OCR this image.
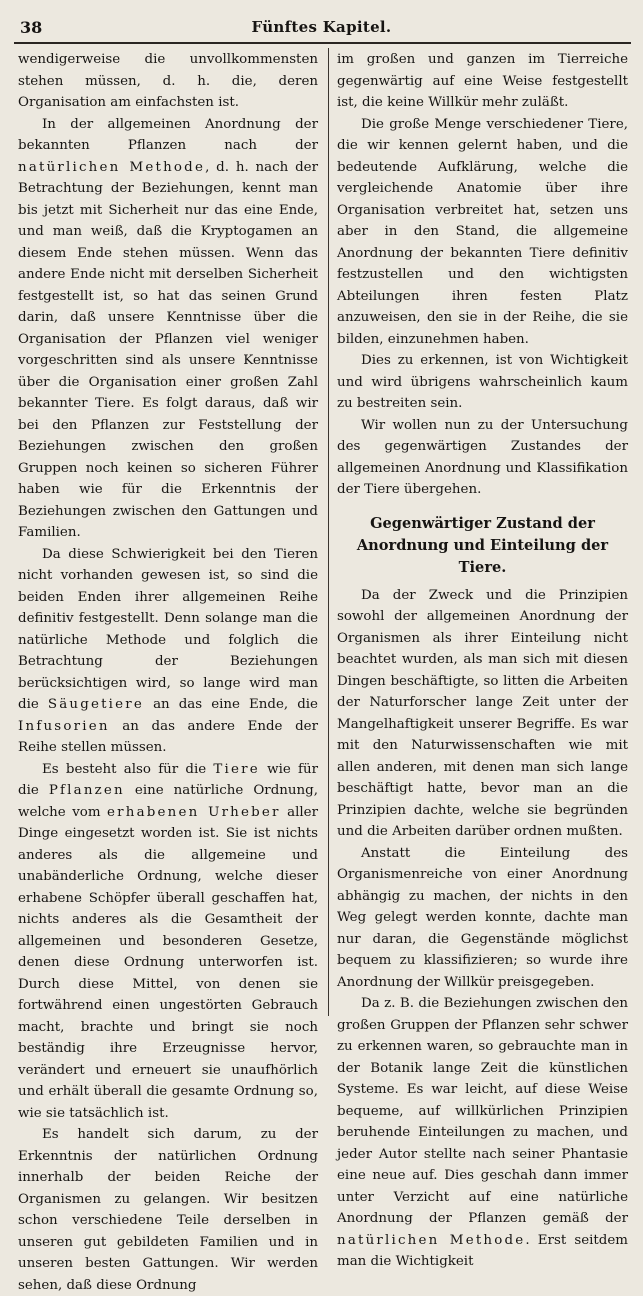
38	Fünftes Kapitel.

wendigerweise die unvollkommensten stehen müssen, d. h. die, deren Organisation am einfachsten ist.

In der allgemeinen Anordnung der bekannten Pflanzen nach der natürlichen Methode, d. h. nach der Betrachtung der Beziehungen, kennt man bis jetzt mit Sicherheit nur das eine Ende, und man weiß, daß die Kryptogamen an diesem Ende stehen müssen. Wenn das andere Ende nicht mit derselben Sicherheit festgestellt ist, so hat das seinen Grund darin, daß unsere Kenntnisse über die Organisation der Pflanzen viel weniger vorgeschritten sind als unsere Kenntnisse über die Organisation einer großen Zahl bekannter Tiere. Es folgt daraus, daß wir bei den Pflanzen zur Feststellung der Beziehungen zwischen den großen Gruppen noch keinen so sicheren Führer haben wie für die Erkenntnis der Beziehungen zwischen den Gattungen und Familien.

Da diese Schwierigkeit bei den Tieren nicht vorhanden gewesen ist, so sind die beiden Enden ihrer allgemeinen Reihe definitiv festgestellt. Denn solange man die natürliche Methode und folglich die Betrachtung der Beziehungen berücksichtigen wird, so lange wird man die Säugetiere an das eine Ende, die Infusorien an das andere Ende der Reihe stellen müssen.

Es besteht also für die Tiere wie für die Pflanzen eine natürliche Ordnung, welche vom erhabenen Urheber aller Dinge eingesetzt worden ist. Sie ist nichts anderes als die allgemeine und unabänderliche Ordnung, welche dieser erhabene Schöpfer überall geschaffen hat, nichts anderes als die Gesamtheit der allgemeinen und besonderen Gesetze, denen diese Ordnung unterworfen ist. Durch diese Mittel, von denen sie fortwährend einen ungestörten Gebrauch macht, brachte und bringt sie noch beständig ihre Erzeugnisse hervor, verändert und erneuert sie unaufhörlich und erhält überall die gesamte Ordnung so, wie sie tatsächlich ist.

Es handelt sich darum, zu der Erkenntnis der natürlichen Ordnung innerhalb der beiden Reiche der Organismen zu gelangen. Wir besitzen schon verschiedene Teile derselben in unseren gut gebildeten Familien und in unseren besten Gattungen. Wir werden sehen, daß diese Ordnung

im großen und ganzen im Tierreiche gegenwärtig auf eine Weise festgestellt ist, die keine Willkür mehr zuläßt.

Die große Menge verschiedener Tiere, die wir kennen gelernt haben, und die bedeutende Aufklärung, welche die vergleichende Anatomie über ihre Organisation verbreitet hat, setzen uns aber in den Stand, die allgemeine Anordnung der bekannten Tiere definitiv festzustellen und den wichtigsten Abteilungen ihren festen Platz anzuweisen, den sie in der Reihe, die sie bilden, einzunehmen haben.

Dies zu erkennen, ist von Wichtigkeit und wird übrigens wahrscheinlich kaum zu bestreiten sein.

Wir wollen nun zu der Untersuchung des gegenwärtigen Zustandes der allgemeinen Anordnung und Klassifikation der Tiere übergehen.

Gegenwärtiger Zustand der Anordnung und Einteilung der Tiere.

Da der Zweck und die Prinzipien sowohl der allgemeinen Anordnung der Organismen als ihrer Einteilung nicht beachtet wurden, als man sich mit diesen Dingen beschäftigte, so litten die Arbeiten der Naturforscher lange Zeit unter der Mangelhaftigkeit unserer Begriffe. Es war mit den Naturwissenschaften wie mit allen anderen, mit denen man sich lange beschäftigt hatte, bevor man an die Prinzipien dachte, welche sie begründen und die Arbeiten darüber ordnen mußten.

Anstatt die Einteilung des Organismenreiche von einer Anordnung abhängig zu machen, der nichts in den Weg gelegt werden konnte, dachte man nur daran, die Gegenstände möglichst bequem zu klassifizieren; so wurde ihre Anordnung der Willkür preisgegeben.

Da z. B. die Beziehungen zwischen den großen Gruppen der Pflanzen sehr schwer zu erkennen waren, so gebrauchte man in der Botanik lange Zeit die künstlichen Systeme. Es war leicht, auf diese Weise bequeme, auf willkürlichen Prinzipien beruhende Einteilungen zu machen, und jeder Autor stellte nach seiner Phantasie eine neue auf. Dies geschah dann immer unter Verzicht auf eine natürliche Anordnung der Pflanzen gemäß der natürlichen Methode. Erst seitdem man die Wichtigkeit
